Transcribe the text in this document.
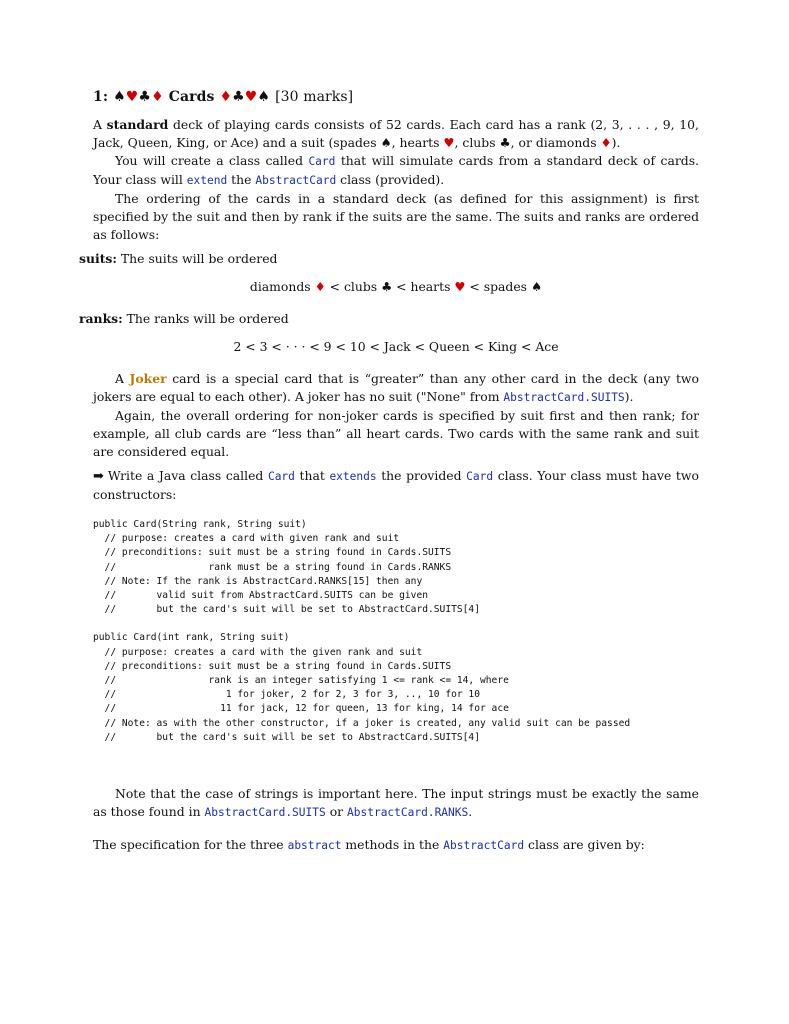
1: ♠♥♣♦ Cards ♦♣♥♠ [30 marks]

A standard deck of playing cards consists of 52 cards. Each card has a rank (2, 3, . . . , 9, 10, Jack, Queen, King, or Ace) and a suit (spades ♠, hearts ♥, clubs ♣, or diamonds ♦).

You will create a class called Card that will simulate cards from a standard deck of cards. Your class will extend the AbstractCard class (provided).

The ordering of the cards in a standard deck (as defined for this assignment) is first specified by the suit and then by rank if the suits are the same. The suits and ranks are ordered as follows:

suits: The suits will be ordered

diamonds ♦ < clubs ♣ < hearts ♥ < spades ♠

ranks: The ranks will be ordered

2 < 3 < · · · < 9 < 10 < Jack < Queen < King < Ace

A Joker card is a special card that is “greater” than any other card in the deck (any two jokers are equal to each other). A joker has no suit ("None" from AbstractCard.SUITS).

Again, the overall ordering for non-joker cards is specified by suit first and then rank; for example, all club cards are “less than” all heart cards. Two cards with the same rank and suit are considered equal.

➡ Write a Java class called Card that extends the provided Card class. Your class must have two constructors:

public Card(String rank, String suit)
// purpose: creates a card with given rank and suit
// preconditions: suit must be a string found in Cards.SUITS
//                rank must be a string found in Cards.RANKS
// Note: If the rank is AbstractCard.RANKS[15] then any
//       valid suit from AbstractCard.SUITS can be given
//       but the card's suit will be set to AbstractCard.SUITS[4]
public Card(int rank, String suit)
// purpose: creates a card with the given rank and suit
// preconditions: suit must be a string found in Cards.SUITS
//                rank is an integer satisfying 1 <= rank <= 14, where
//                   1 for joker, 2 for 2, 3 for 3, .., 10 for 10
//                  11 for jack, 12 for queen, 13 for king, 14 for ace
// Note: as with the other constructor, if a joker is created, any valid suit can be passed
//       but the card's suit will be set to AbstractCard.SUITS[4]

Note that the case of strings is important here. The input strings must be exactly the same as those found in AbstractCard.SUITS or AbstractCard.RANKS.

The specification for the three abstract methods in the AbstractCard class are given by:
